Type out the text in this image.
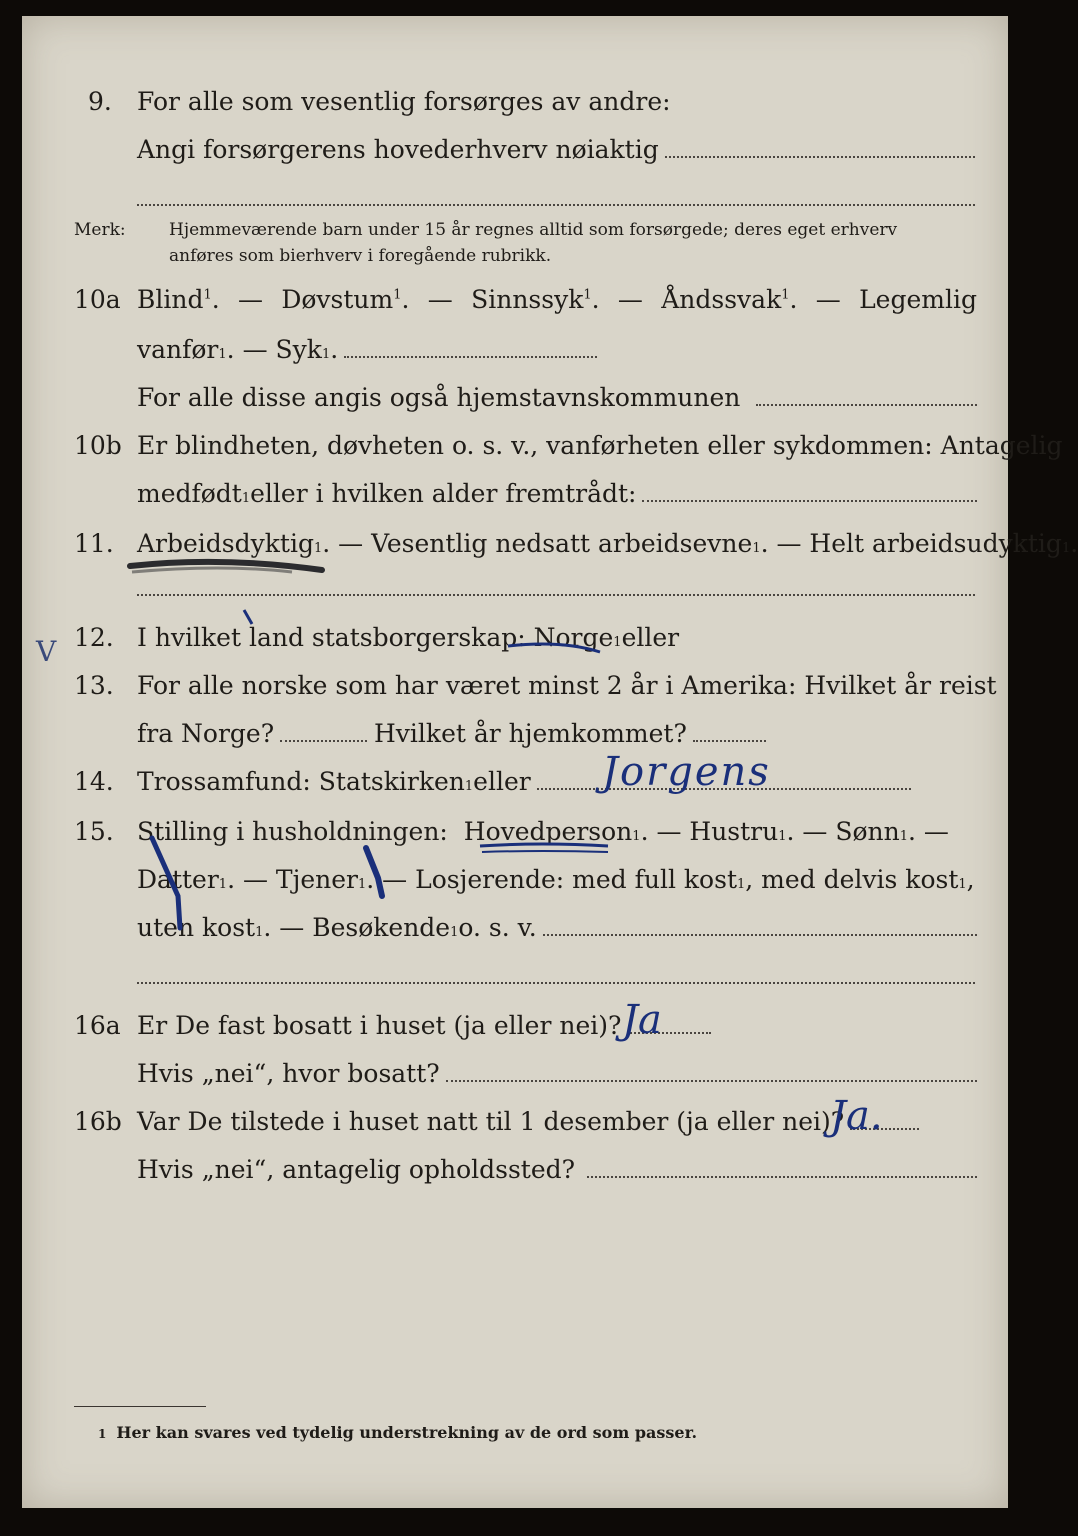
9. For alle som vesentlig forsørges av andre:
Angi forsørgerens hovederhverv nøiaktig
Merk:	Hjemmeværende barn under 15 år regnes alltid som forsørgede; deres eget erhverv
anføres som bierhverv i foregående rubrikk.
10a Blind$^1$. — Døvstum$^1$. — Sinnssyk$^1$. — Åndssvak$^1$. — Legemlig
vanfør 1 . —
Syk 1 .
For alle disse angis også hjemstavnskommunen
10b Er blindheten, døvheten o. s. v., vanførheten eller sykdommen: Antagelig
medfødt 1 eller i hvilken alder fremtrådt:
11. Arbeidsdyktig 1 . — Vesentlig nedsatt arbeidsevne 1 . — Helt arbeidsudyktig 1 .
12. I hvilket land statsborgerskap:
Norge 1 eller
13. For alle norske som har været minst 2 år i Amerika: Hvilket år reist
fra Norge?	Hvilket år hjemkommet?
14. Trossamfund: Statskirken 1 eller Jorgens
15. Stilling i husholdningen:
Hovedperson 1 . — Hustru 1 . — Sønn 1 . —
Datter 1 . — Tjener 1 . — Losjerende: med full kost 1 , med delvis kost 1 ,
uten kost 1 . — Besøkende 1 o. s. v.
16a Er De fast bosatt i huset (ja eller nei)? Ja
Hvis „nei“, hvor bosatt?
16b Var De tilstede i huset natt til 1 desember (ja eller nei)?
Ja.
Hvis „nei“, antagelig opholdssted?
1 Her kan svares ved tydelig understrekning av de ord som passer.
V
